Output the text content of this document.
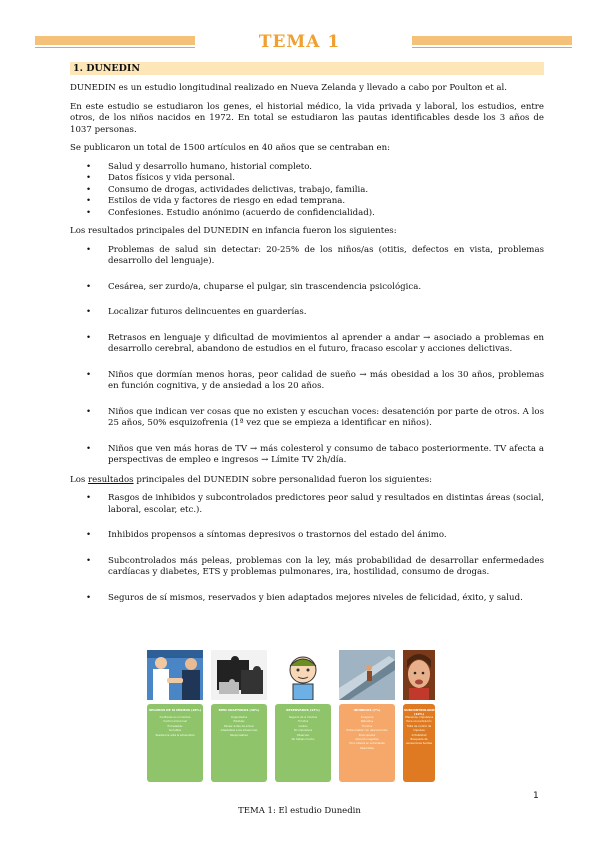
TEMA 1
1. DUNEDIN

DUNEDIN es un estudio longitudinal realizado en Nueva Zelanda y llevado a cabo por Poulton et al.

En este estudio se estudiaron los genes, el historial médico, la vida privada y laboral, los estudios, entre otros, de los niños nacidos en 1972. En total se estudiaron las pautas identificables desde los 3 años de 1037 personas.

Se publicaron un total de 1500 artículos en 40 años que se centraban en:

• Salud y desarrollo humano, historial completo.
• Datos físicos y vida personal.
• Consumo de drogas, actividades delictivas, trabajo, familia.
• Estilos de vida y factores de riesgo en edad temprana.
• Confesiones. Estudio anónimo (acuerdo de confidencialidad).

Los resultados principales del DUNEDIN en infancia fueron los siguientes:

• Problemas de salud sin detectar: 20-25% de los niños/as (otitis, defectos en vista, problemas desarrollo del lenguaje).
• Cesárea, ser zurdo/a, chuparse el pulgar, sin trascendencia psicológica.
• Localizar futuros delincuentes en guarderías.
• Retrasos en lenguaje y dificultad de movimientos al aprender a andar → asociado a problemas en desarrollo cerebral, abandono de estudios en el futuro, fracaso escolar y acciones delictivas.
• Niños que dormían menos horas, peor calidad de sueño → más obesidad a los 30 años, problemas en función cognitiva, y de ansiedad a los 20 años.
• Niños que indican ver cosas que no existen y escuchan voces: desatención por parte de otros. A los 25 años, 50% esquizofrenia (1ª vez que se empieza a identificar en niños).
• Niños que ven más horas de TV → más colesterol y consumo de tabaco posteriormente. TV afecta a perspectivas de empleo e ingresos → Límite TV 2h/día.

Los resultados principales del DUNEDIN sobre personalidad fueron los siguientes:

• Rasgos de inhibidos y subcontrolados predictores peor salud y resultados en distintas áreas (social, laboral, escolar, etc.).
• Inhibidos propensos a síntomas depresivos o trastornos del estado del ánimo.
• Subcontrolados más peleas, problemas con la ley, más probabilidad de desarrollar enfermedades cardíacas y diabetes, ETS y problemas pulmonares, ira, hostilidad, consumo de drogas.
• Seguros de sí mismos, reservados y bien adaptados mejores niveles de felicidad, éxito, y salud.
SEGUROS DE SÍ MISMOS (28%)
Confianza en sí mismos
Control emocional
Entusiastas
Sociables
Resiliencia ante la adversidad
BIEN ADAPTADOS (40%)
Organizados
Estables
Pensar antes de actuar
Adaptables a las situaciones
Responsables
RESERVADOS (15%)
Seguros de sí mismos
Tímidos
Cautos
No impulsivos
Observan
No hablan mucho
INHIBIDOS (7%)
Inseguros
Retraídos
Tímidos
Evitan hablar con desconocidos
Preocupados
Atención negativa
Poco interés en actividades
Pesimistas
SUBCONTROLADOS (10%)
Ofensivos, impulsivos
Poca concentración
Falta de control de impulsos
Irritabilidad
Búsqueda de sensaciones fuertes
1
TEMA 1: El estudio Dunedin
